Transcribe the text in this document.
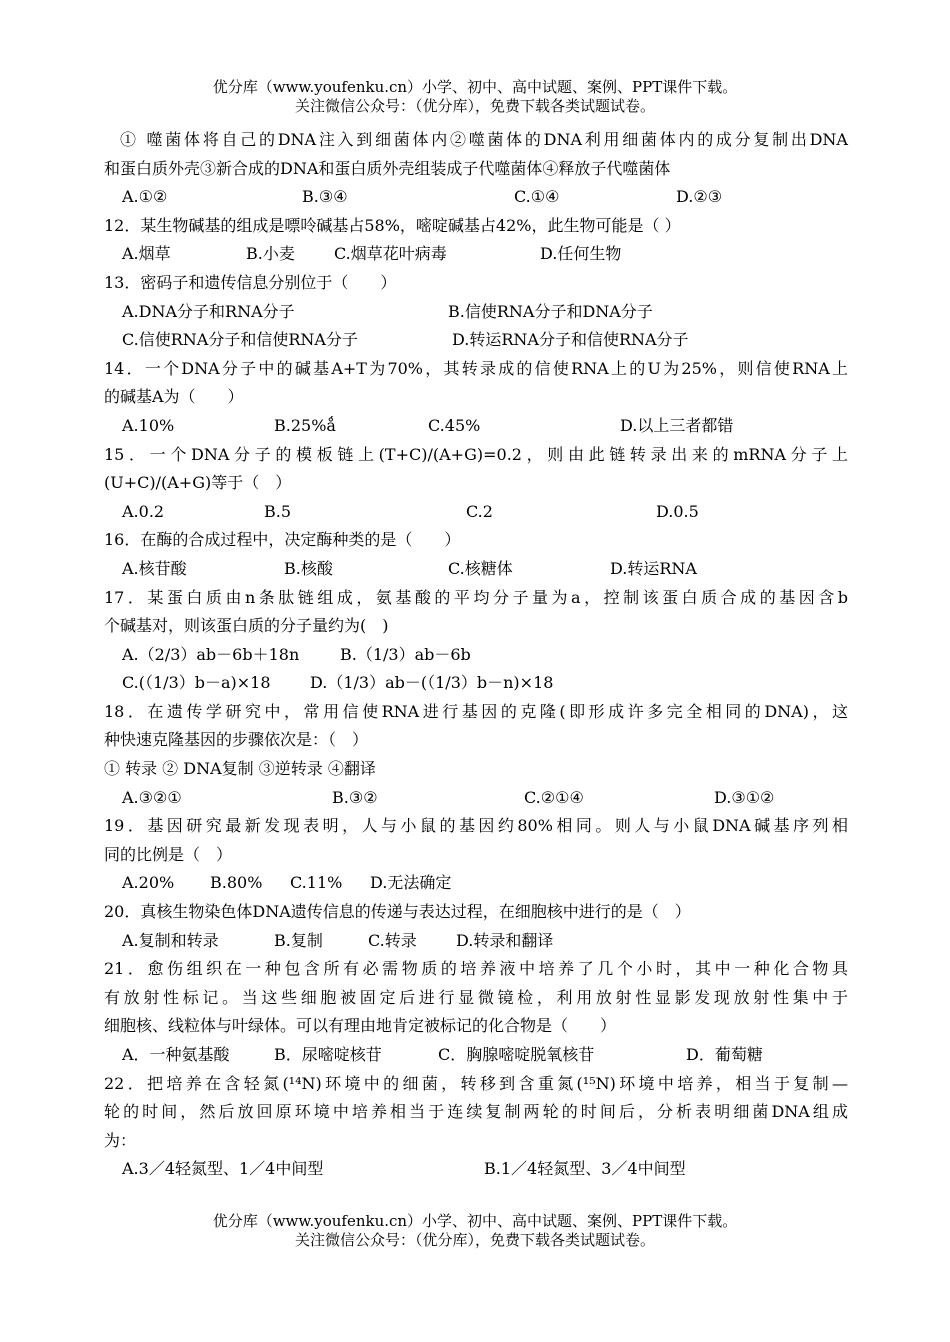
优分库（www.youfenku.cn）小学、初中、高中试题、案例、PPT课件下载。
关注微信公众号：（优分库），免费下载各类试题试卷。
① 噬菌体将自己的DNA注入到细菌体内②噬菌体的DNA利用细菌体内的成分复制出DNA
和蛋白质外壳③新合成的DNA和蛋白质外壳组装成子代噬菌体④释放子代噬菌体
A.①②	B.③④	C.①④	D.②③
12．某生物碱基的组成是嘌呤碱基占58%，嘧啶碱基占42%，此生物可能是（ ）
A.烟草	B.小麦 C.烟草花叶病毒	D.任何生物
13．密码子和遗传信息分别位于（　　）
A.DNA分子和RNA分子	B.信使RNA分子和DNA分子
C.信使RNA分子和信使RNA分子	D.转运RNA分子和信使RNA分子
14．一个DNA分子中的碱基A+T为70%，其转录成的信使RNA上的U为25%，则信使RNA上
的碱基A为（　　）
A.10%	B.25%ǻ	C.45%	D.以上三者都错
15．一个DNA分子的模板链上(T+C)/(A+G)=0.2，则由此链转录出来的mRNA分子上
(U+C)/(A+G)等于（　）
A.0.2	B.5	C.2	D.0.5
16．在酶的合成过程中，决定酶种类的是（　　）
A.核苷酸	B.核酸	C.核糖体	D.转运RNA
17．某蛋白质由n条肽链组成，氨基酸的平均分子量为a，控制该蛋白质合成的基因含b
个碱基对，则该蛋白质的分子量约为(　)
A.（2/3）ab－6b＋18n	B.（1/3）ab－6b
C.(（1/3）b－a)×18 D.（1/3）ab－(（1/3）b－n)×18
18．在遗传学研究中，常用信使RNA进行基因的克隆(即形成许多完全相同的DNA)，这
种快速克隆基因的步骤依次是：（　）
① 转录 ② DNA复制 ③逆转录 ④翻译
A.③②①	B.③②	C.②①④	D.③①②
19．基因研究最新发现表明，人与小鼠的基因约80%相同。则人与小鼠DNA碱基序列相
同的比例是（　）
A.20% B.80% C.11% D.无法确定
20．真核生物染色体DNA遗传信息的传递与表达过程，在细胞核中进行的是（　）
A.复制和转录	B.复制	C.转录 D.转录和翻译
21．愈伤组织在一种包含所有必需物质的培养液中培养了几个小时，其中一种化合物具
有放射性标记。当这些细胞被固定后进行显微镜检，利用放射性显影发现放射性集中于
细胞核、线粒体与叶绿体。可以有理由地肯定被标记的化合物是（　　）
A．一种氨基酸	B．尿嘧啶核苷	C．胸腺嘧啶脱氧核苷	D．葡萄糖
22．把培养在含轻氮(¹⁴N)环境中的细菌，转移到含重氮(¹⁵N)环境中培养，相当于复制—
轮的时间，然后放回原环境中培养相当于连续复制两轮的时间后，分析表明细菌DNA组成
为：
A.3／4轻氮型、1／4中间型	B.1／4轻氮型、3／4中间型
优分库（www.youfenku.cn）小学、初中、高中试题、案例、PPT课件下载。
关注微信公众号：（优分库），免费下载各类试题试卷。
